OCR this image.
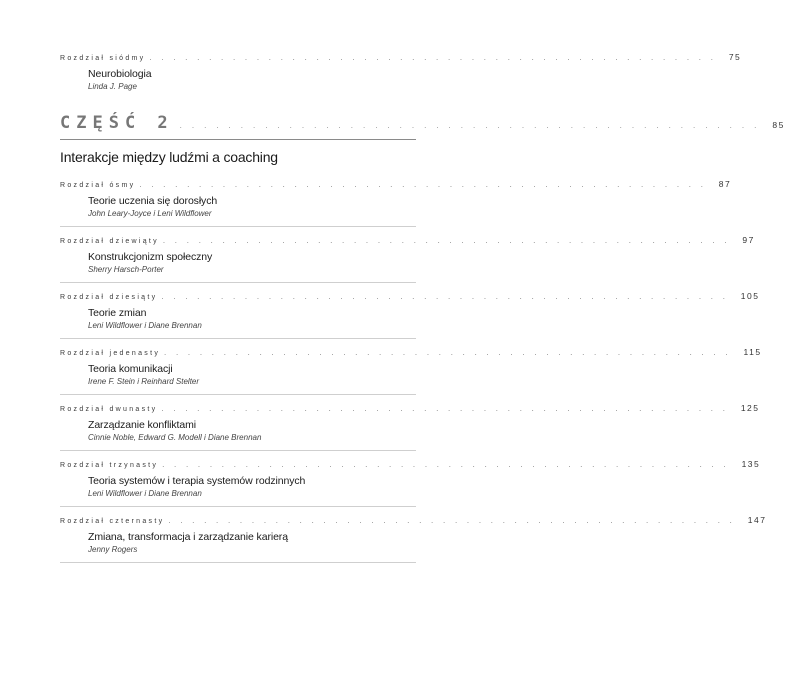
Rozdział siódmy ................................................ 75
Neurobiologia
Linda J. Page
CZĘŚĆ 2 ................................................ 85
Interakcje między ludźmi a coaching
Rozdział ósmy ................................................ 87
Teorie uczenia się dorosłych
John Leary-Joyce i Leni Wildflower
Rozdział dziewiąty ................................................ 97
Konstrukcjonizm społeczny
Sherry Harsch-Porter
Rozdział dziesiąty ................................................ 105
Teorie zmian
Leni Wildflower i Diane Brennan
Rozdział jedenasty ................................................ 115
Teoria komunikacji
Irene F. Stein i Reinhard Stelter
Rozdział dwunasty ................................................ 125
Zarządzanie konfliktami
Cinnie Noble, Edward G. Modell i Diane Brennan
Rozdział trzynasty ................................................ 135
Teoria systemów i terapia systemów rodzinnych
Leni Wildflower i Diane Brennan
Rozdział czternasty ................................................ 147
Zmiana, transformacja i zarządzanie karierą
Jenny Rogers
